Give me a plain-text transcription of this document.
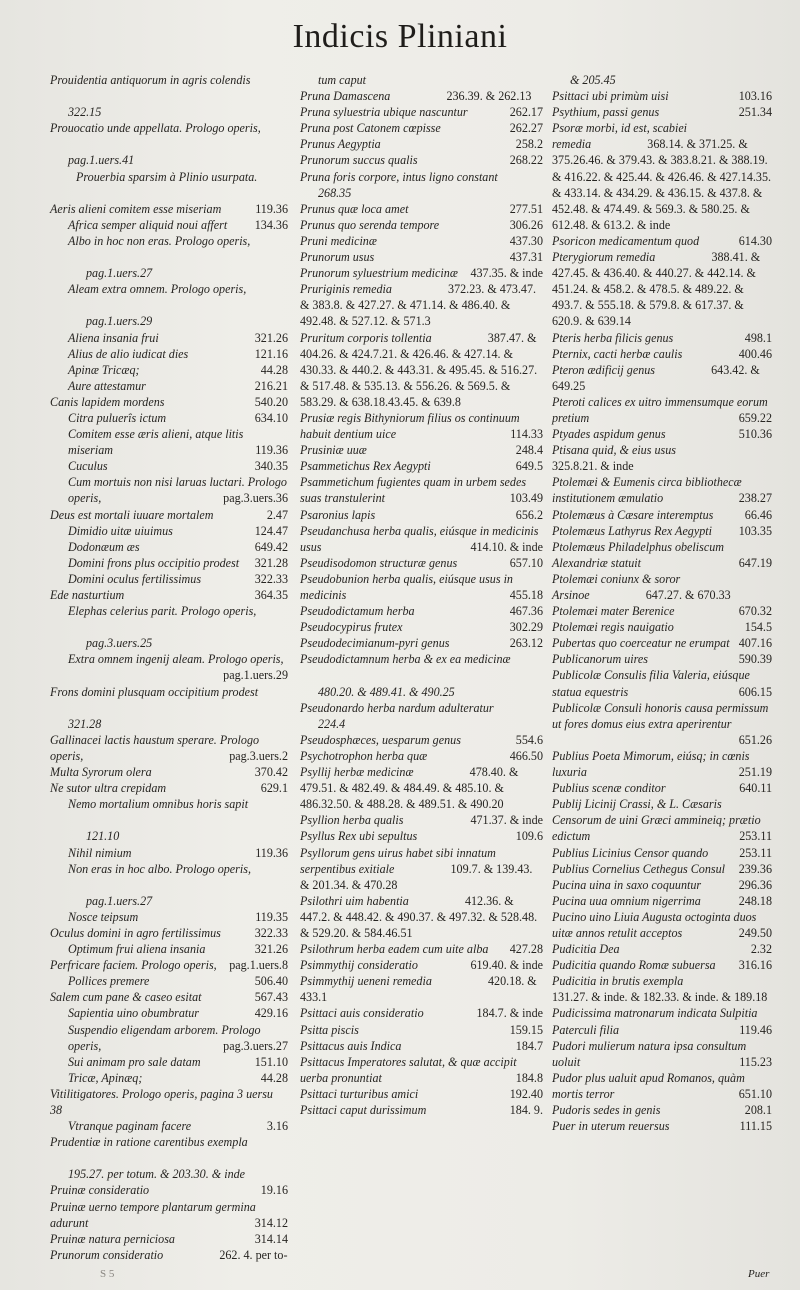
Indicis Pliniani

Prouidentia antiquorum in agris colendis
322.15

Prouocatio unde appellata. Prologo operis,
pag.1.uers.41

Prouerbia sparsim à Plinio usurpata.

Aeris alieni comitem esse miseriam	119.36

Africa semper aliquid noui affert 134.36

Albo in hoc non eras. Prologo operis,
pag.1.uers.27

Aleam extra omnem. Prologo operis,
pag.1.uers.29

Aliena insania frui	321.26

Alius de alio iudicat dies	121.16

Apinæ Tricæq;	44.28

Aure attestamur	216.21

Canis lapidem mordens	540.20

Citra puluerîs ictum	634.10

Comitem esse æris alieni, atque litis miseriam	119.36

Cuculus	340.35

Cum mortuis non nisi laruas luctari. Prologo operis,	pag.3.uers.36

Deus est mortali iuuare mortalem	2.47

Dimidio uitæ uiuimus	124.47

Dodonæum æs	649.42

Domini frons plus occipitio prodest 321.28

Domini oculus fertilissimus	322.33

Ede nasturtium	364.35

Elephas celerius parit. Prologo operis,
pag.3.uers.25

Extra omnem ingenij aleam. Prologo operis,
pag.1.uers.29

Frons domini plusquam occipitium prodest
321.28

Gallinacei lactis haustum sperare. Prologo operis,	pag.3.uers.2

Multa Syrorum olera	370.42

Ne sutor ultra crepidam	629.1

Nemo mortalium omnibus horis sapit
121.10

Nihil nimium	119.36

Non eras in hoc albo. Prologo operis,
pag.1.uers.27

Nosce teipsum	119.35

Oculus domini in agro fertilissimus	322.33

Optimum frui aliena insania	321.26

Perfricare faciem. Prologo operis, pag.1.uers.8

Pollices premere	506.40

Salem cum pane & caseo esitat	567.43

Sapientia uino obumbratur	429.16

Suspendio eligendam arborem. Prologo operis,	pag.3.uers.27

Sui animam pro sale datam	151.10

Tricæ, Apinæq;	44.28

Vitilitigatores. Prologo operis, pagina 3 uersu 38

Vtranque paginam facere	3.16

Prudentiæ in ratione carentibus exempla
195.27. per totum. & 203.30. & inde

Pruinæ consideratio	19.16

Pruinæ uerno tempore plantarum germina adurunt	314.12

Pruinæ natura perniciosa	314.14

Prunorum consideratio 	262. 4. per to-

tum caput

Pruna Damascena 	236.39. & 262.13

Pruna syluestria ubique nascuntur	262.17

Pruna post Catonem cœpisse	262.27

Prunus Aegyptia	258.2

Prunorum succus qualis	268.22

Pruna foris corpore, intus ligno constant
268.35

Prunus quæ loca amet	277.51

Prunus quo serenda tempore	306.26

Pruni medicinæ	437.30

Prunorum usus	437.31

Prunorum syluestrium medicinæ 437.35. & inde

Pruriginis remedia 	372.23. & 473.47. & 383.8. & 427.27. & 471.14. & 486.40. & 492.48. & 527.12. & 571.3

Pruritum corporis tollentia 	387.47. & 404.26. & 424.7.21. & 426.46. & 427.14. & 430.33. & 440.2. & 443.31. & 495.45. & 516.27. & 517.48. & 535.13. & 556.26. & 569.5. & 583.29. & 638.18.43.45. & 639.8

Prusiæ regis Bithyniorum filius os continuum habuit dentium uice	114.33

Prusiniæ uuæ	248.4

Psammetichus Rex Aegypti	649.5

Psammetichum fugientes quam in urbem sedes suas transtulerint	103.49

Psaronius lapis	656.2

Pseudanchusa herba qualis, eiúsque in medicinis usus	414.10. & inde

Pseudisodomon structuræ genus	657.10

Pseudobunion herba qualis, eiúsque usus in medicinis	455.18

Pseudodictamum herba	467.36

Pseudocypirus frutex	302.29

Pseudodecimianum-pyri genus	263.12

Pseudodictamnum herba & ex ea medicinæ
480.20. & 489.41. & 490.25

Pseudonardo herba nardum adulteratur
224.4

Pseudosphæces, uesparum genus	554.6

Psychotrophon herba quæ	466.50

Psyllij herbæ medicinæ 	478.40. & 479.51. & 482.49. & 484.49. & 485.10. & 486.32.50. & 488.28. & 489.51. & 490.20

Psyllion herba qualis	471.37. & inde

Psyllus Rex ubi sepultus	109.6

Psyllorum gens uirus habet sibi innatum serpentibus exitiale 	109.7. & 139.43. & 201.34. & 470.28

Psilothri uim habentia 	412.36. & 447.2. & 448.42. & 490.37. & 497.32. & 528.48. & 529.20. & 584.46.51

Psilothrum herba eadem cum uite alba 427.28

Psimmythij consideratio	619.40. & inde

Psimmythij ueneni remedia 	420.18. & 433.1

Psittaci auis consideratio	184.7. & inde

Psitta piscis	159.15

Psittacus auis Indica	184.7

Psittacus Imperatores salutat, & quæ accipit uerba pronuntiat	184.8

Psittaci turturibus amici	192.40

Psittaci caput durissimum	184. 9.

& 205.45

Psittaci ubi primùm uisi	103.16

Psythium, passi genus	251.34

Psoræ morbi, id est, scabiei remedia 	368.14. & 371.25. & 375.26.46. & 379.43. & 383.8.21. & 388.19. & 416.22. & 425.44. & 426.46. & 427.14.35. & 433.14. & 434.29. & 436.15. & 437.8. & 452.48. & 474.49. & 569.3. & 580.25. & 612.48. & 613.2. & inde

Psoricon medicamentum quod	614.30

Pterygiorum remedia 	388.41. & 427.45. & 436.40. & 440.27. & 442.14. & 451.24. & 458.2. & 478.5. & 489.22. & 493.7. & 555.18. & 579.8. & 617.37. & 620.9. & 639.14

Pteris herba filicis genus	498.1

Pternix, cacti herbæ caulis	400.46

Pteron ædificij genus 	643.42. & 649.25

Pteroti calices ex uitro immensumque eorum pretium	659.22

Ptyades aspidum genus	510.36

Ptisana quid, & eius usus 325.8.21. & inde

Ptolemæi & Eumenis circa bibliothecæ institutionem æmulatio	238.27

Ptolemæus à Cæsare interemptus	66.46

Ptolemæus Lathyrus Rex Aegypti 103.35

Ptolemæus Philadelphus obeliscum Alexandriæ statuit	647.19

Ptolemæi coniunx & soror Arsinoe 	647.27. & 670.33

Ptolemæi mater Berenice	670.32

Ptolemæi regis nauigatio	154.5

Pubertas quo coerceatur ne erumpat 407.16

Publicanorum uires	590.39

Publicolæ Consulis filia Valeria, eiúsque statua equestris	606.15

Publicolæ Consuli honoris causa permissum ut fores domus eius extra aperirentur
651.26

Publius Poeta Mimorum, eiúsq; in cœnis luxuria	251.19

Publius scenæ conditor	640.11

Publij Licinij Crassi, & L. Cæsaris Censorum de uini Græci ammineiq; prætio edictum	253.11

Publius Licinius Censor quando	253.11

Publius Cornelius Cethegus Consul 239.36

Pucina uina in saxo coquuntur	296.36

Pucina uua omnium nigerrima	248.18

Pucino uino Liuia Augusta octoginta duos uitæ annos retulit acceptos	249.50

Pudicitia Dea	2.32

Pudicitia quando Romæ subuersa 316.16

Pudicitia in brutis exempla 131.27. & inde. & 182.33. & inde. & 189.18

Pudicissima matronarum indicata Sulpitia Paterculi filia	119.46

Pudori mulierum natura ipsa consultum uoluit	115.23

Pudor plus ualuit apud Romanos, quàm mortis terror	651.10

Pudoris sedes in genis	208.1

Puer in uterum reuersus	111.15

S 5	Puer
